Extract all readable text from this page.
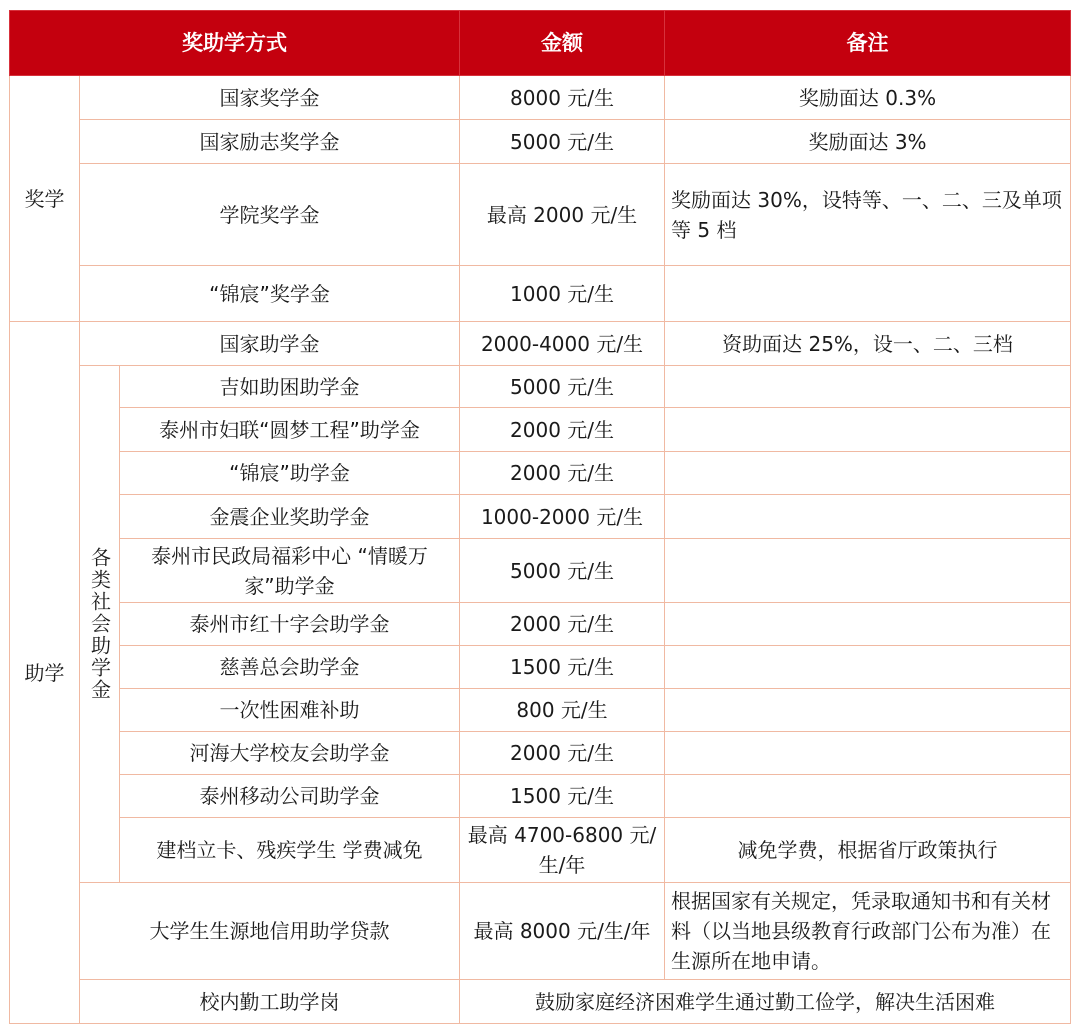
奖助学方式			金额	备注
奖学	国家奖学金		8000 元/生	奖励面达 0.3%
	国家励志奖学金		5000 元/生	奖励面达 3%
	学院奖学金		最高 2000 元/生	奖励面达 30%，设特等、一、二、三及单项等 5 档
	“锦宸”奖学金		1000 元/生	
助学	国家助学金		2000-4000 元/生	资助面达 25%，设一、二、三档
	各类社会助学金	吉如助困助学金	5000 元/生	
		泰州市妇联“圆梦工程”助学金	2000 元/生	
		“锦宸”助学金	2000 元/生	
		金震企业奖助学金	1000-2000 元/生	
		泰州市民政局福彩中心 “情暖万家”助学金	5000 元/生	
		泰州市红十字会助学金	2000 元/生	
		慈善总会助学金	1500 元/生	
		一次性困难补助	800 元/生	
		河海大学校友会助学金	2000 元/生	
		泰州移动公司助学金	1500 元/生	
		建档立卡、残疾学生 学费减免	最高 4700-6800 元/生/年	减免学费，根据省厅政策执行
	大学生生源地信用助学贷款		最高 8000 元/生/年	根据国家有关规定，凭录取通知书和有关材料（以当地县级教育行政部门公布为准）在生源所在地申请。
	校内勤工助学岗		鼓励家庭经济困难学生通过勤工俭学，解决生活困难	
